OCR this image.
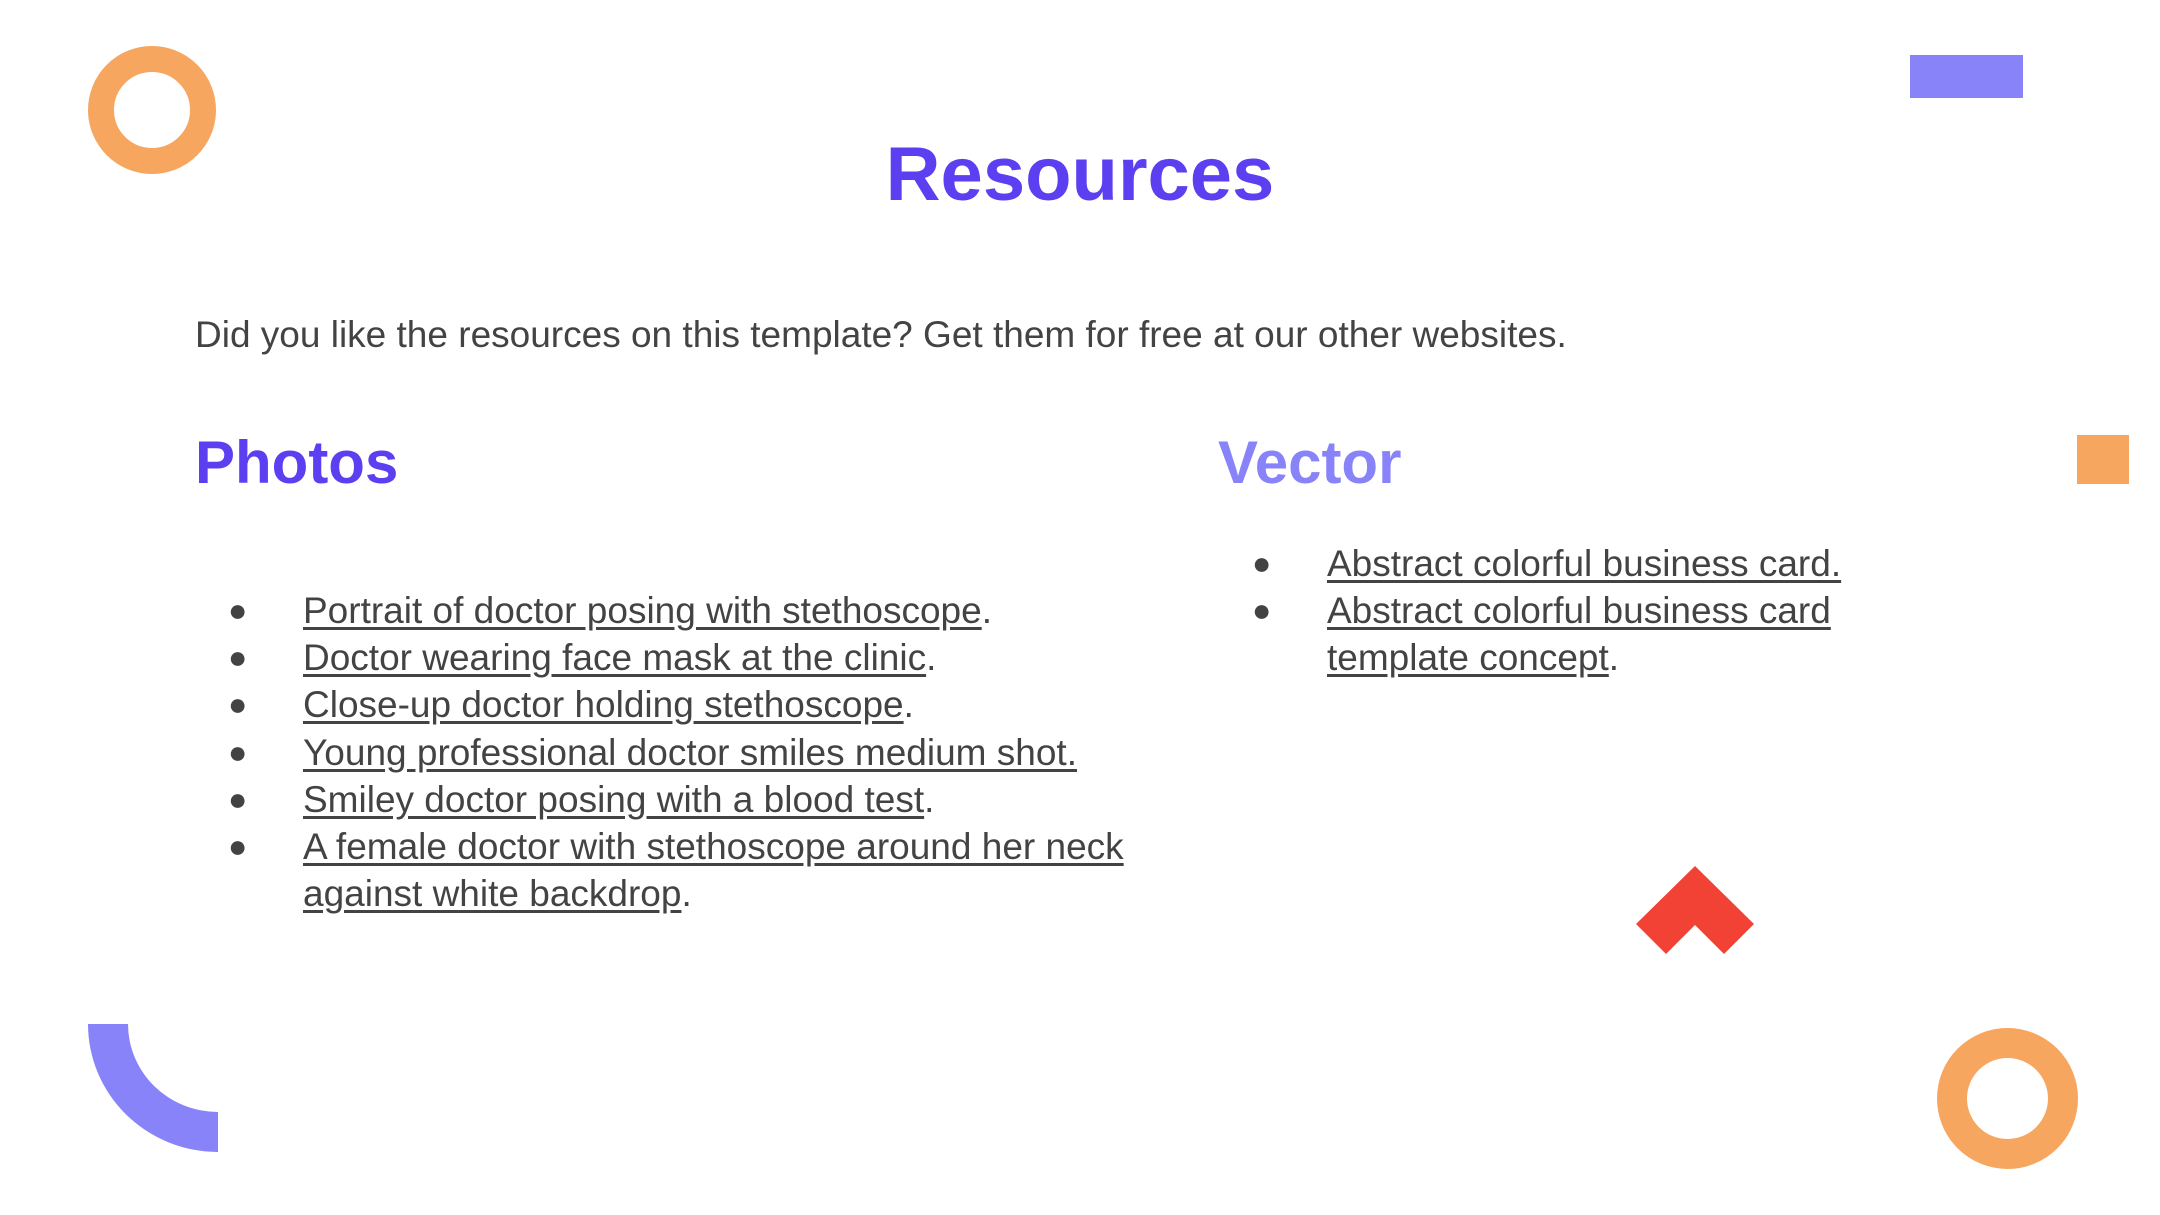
Resources

Did you like the resources on this template? Get them for free at our other websites.

Photos
● Portrait of doctor posing with stethoscope.
● Doctor wearing face mask at the clinic.
● Close-up doctor holding stethoscope.
● Young professional doctor smiles medium shot.
● Smiley doctor posing with a blood test.
● A female doctor with stethoscope around her neck against white backdrop.
Vector
● Abstract colorful business card.
● Abstract colorful business card template concept.
